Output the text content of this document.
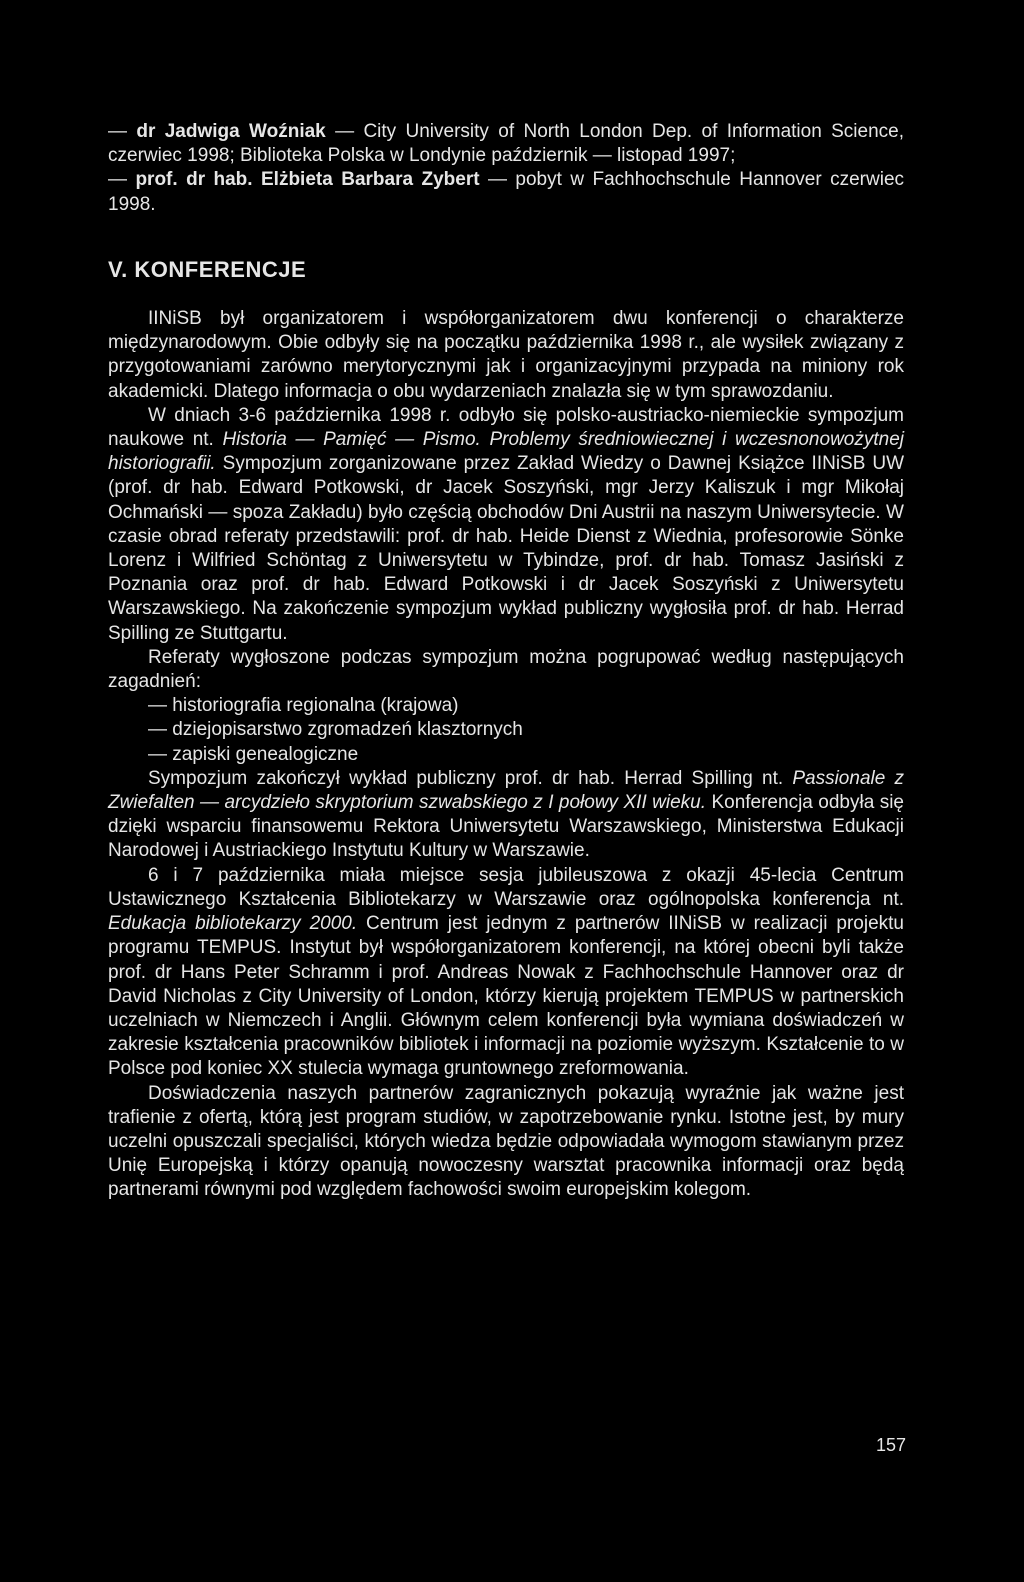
— dr Jadwiga Woźniak — City University of North London Dep. of Information Science, czerwiec 1998; Biblioteka Polska w Londynie październik — listopad 1997;

— prof. dr hab. Elżbieta Barbara Zybert — pobyt w Fachhochschule Hannover czerwiec 1998.

V. KONFERENCJE

IINiSB był organizatorem i współorganizatorem dwu konferencji o charakterze międzynarodowym. Obie odbyły się na początku października 1998 r., ale wysiłek związany z przygotowaniami zarówno merytorycznymi jak i organizacyjnymi przypada na miniony rok akademicki. Dlatego informacja o obu wydarzeniach znalazła się w tym sprawozdaniu.

W dniach 3-6 października 1998 r. odbyło się polsko-austriacko-niemieckie sympozjum naukowe nt. Historia — Pamięć — Pismo. Problemy średniowiecznej i wczesnonowożytnej historiografii. Sympozjum zorganizowane przez Zakład Wiedzy o Dawnej Książce IINiSB UW (prof. dr hab. Edward Potkowski, dr Jacek Soszyński, mgr Jerzy Kaliszuk i mgr Mikołaj Ochmański — spoza Zakładu) było częścią obchodów Dni Austrii na naszym Uniwersytecie. W czasie obrad referaty przedstawili: prof. dr hab. Heide Dienst z Wiednia, profesorowie Sönke Lorenz i Wilfried Schöntag z Uniwersytetu w Tybindze, prof. dr hab. Tomasz Jasiński z Poznania oraz prof. dr hab. Edward Potkowski i dr Jacek Soszyński z Uniwersytetu Warszawskiego. Na zakończenie sympozjum wykład publiczny wygłosiła prof. dr hab. Herrad Spilling ze Stuttgartu.

Referaty wygłoszone podczas sympozjum można pogrupować według następujących zagadnień:

— historiografia regionalna (krajowa)

— dziejopisarstwo zgromadzeń klasztornych

— zapiski genealogiczne

Sympozjum zakończył wykład publiczny prof. dr hab. Herrad Spilling nt. Passionale z Zwiefalten — arcydzieło skryptorium szwabskiego z I połowy XII wieku. Konferencja odbyła się dzięki wsparciu finansowemu Rektora Uniwersytetu Warszawskiego, Ministerstwa Edukacji Narodowej i Austriackiego Instytutu Kultury w Warszawie.

6 i 7 października miała miejsce sesja jubileuszowa z okazji 45-lecia Centrum Ustawicznego Kształcenia Bibliotekarzy w Warszawie oraz ogólnopolska konferencja nt. Edukacja bibliotekarzy 2000. Centrum jest jednym z partnerów IINiSB w realizacji projektu programu TEMPUS. Instytut był współorganizatorem konferencji, na której obecni byli także prof. dr Hans Peter Schramm i prof. Andreas Nowak z Fachhochschule Hannover oraz dr David Nicholas z City University of London, którzy kierują projektem TEMPUS w partnerskich uczelniach w Niemczech i Anglii. Głównym celem konferencji była wymiana doświadczeń w zakresie kształcenia pracowników bibliotek i informacji na poziomie wyższym. Kształcenie to w Polsce pod koniec XX stulecia wymaga gruntownego zreformowania.

Doświadczenia naszych partnerów zagranicznych pokazują wyraźnie jak ważne jest trafienie z ofertą, którą jest program studiów, w zapotrzebowanie rynku. Istotne jest, by mury uczelni opuszczali specjaliści, których wiedza będzie odpowiadała wymogom stawianym przez Unię Europejską i którzy opanują nowoczesny warsztat pracownika informacji oraz będą partnerami równymi pod względem fachowości swoim europejskim kolegom.

157
